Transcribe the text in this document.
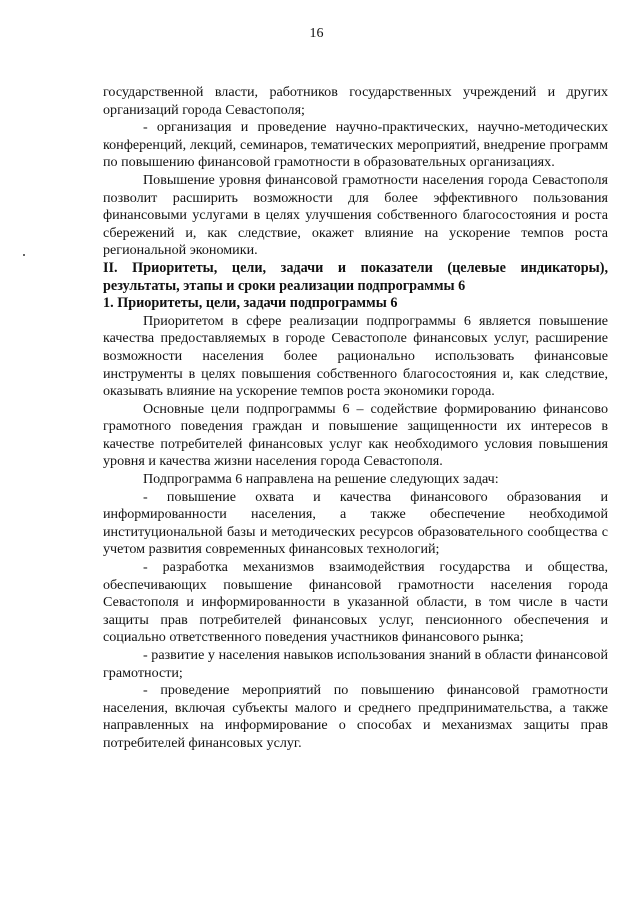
16

государственной власти, работников государственных учреждений и других организаций города Севастополя;

- организация и проведение научно-практических, научно-методических конференций, лекций, семинаров, тематических мероприятий, внедрение программ по повышению финансовой грамотности в образовательных организациях.

Повышение уровня финансовой грамотности населения города Севастополя позволит расширить возможности для более эффективного пользования финансовыми услугами в целях улучшения собственного благосостояния и роста сбережений и, как следствие, окажет влияние на ускорение темпов роста региональной экономики.

II. Приоритеты, цели, задачи и показатели (целевые индикаторы), результаты, этапы и сроки реализации подпрограммы 6

1. Приоритеты, цели, задачи подпрограммы 6

Приоритетом в сфере реализации подпрограммы 6 является повышение качества предоставляемых в городе Севастополе финансовых услуг, расширение возможности населения более рационально использовать финансовые инструменты в целях повышения собственного благосостояния и, как следствие, оказывать влияние на ускорение темпов роста экономики города.

Основные цели подпрограммы 6 – содействие формированию финансово грамотного поведения граждан и повышение защищенности их интересов в качестве потребителей финансовых услуг как необходимого условия повышения уровня и качества жизни населения города Севастополя.

Подпрограмма 6 направлена на решение следующих задач:

- повышение охвата и качества финансового образования и информированности населения, а также обеспечение необходимой институциональной базы и методических ресурсов образовательного сообщества с учетом развития современных финансовых технологий;

- разработка механизмов взаимодействия государства и общества, обеспечивающих повышение финансовой грамотности населения города Севастополя и информированности в указанной области, в том числе в части защиты прав потребителей финансовых услуг, пенсионного обеспечения и социально ответственного поведения участников финансового рынка;

- развитие у населения навыков использования знаний в области финансовой грамотности;

- проведение мероприятий по повышению финансовой грамотности населения, включая субъекты малого и среднего предпринимательства, а также направленных на информирование о способах и механизмах защиты прав потребителей финансовых услуг.
